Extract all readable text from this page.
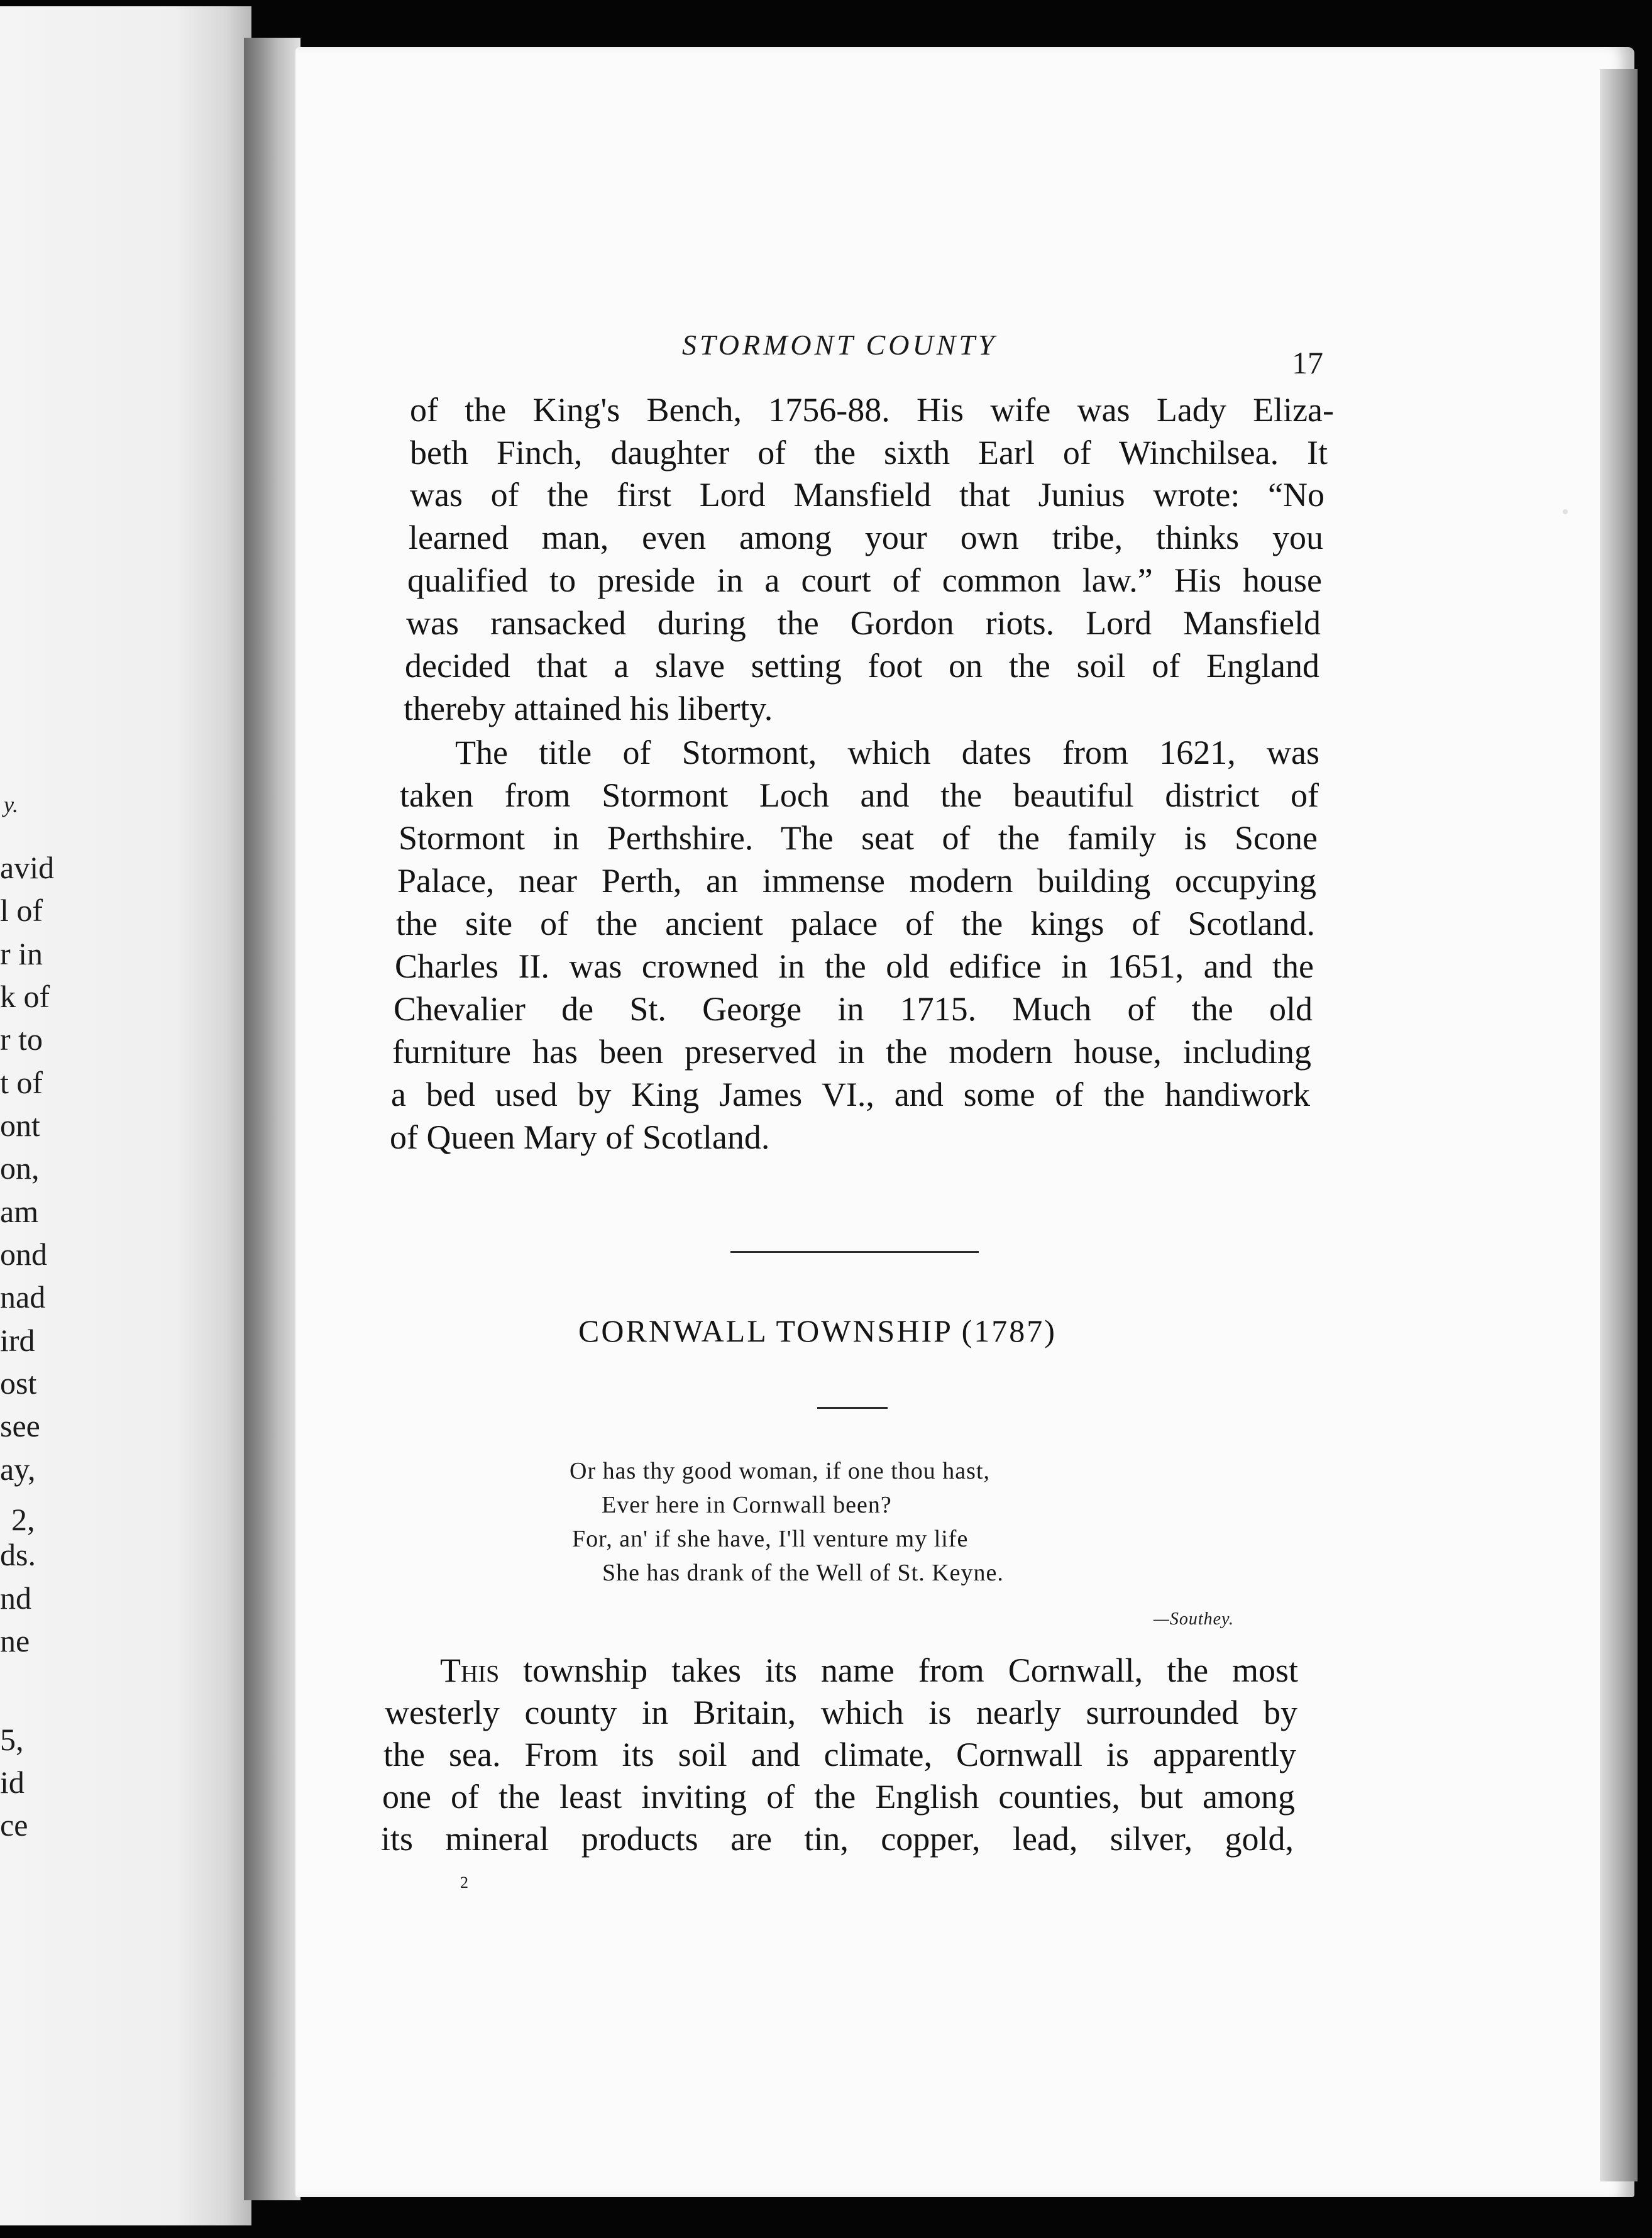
y.
avid
l of
r in
k of
r to
t of
ont
on,
am
ond
nad
ird
ost
see
ay,
2,
ds.
nd
ne
5,
id
ce
STORMONT COUNTY
17
of the King's Bench, 1756-88. His wife was Lady Eliza-
beth Finch, daughter of the sixth Earl of Winchilsea. It
was of the first Lord Mansfield that Junius wrote: “No
learned man, even among your own tribe, thinks you
qualified to preside in a court of common law.” His house
was ransacked during the Gordon riots. Lord Mansfield
decided that a slave setting foot on the soil of England
thereby attained his liberty.
The title of Stormont, which dates from 1621, was
taken from Stormont Loch and the beautiful district of
Stormont in Perthshire. The seat of the family is Scone
Palace, near Perth, an immense modern building occupying
the site of the ancient palace of the kings of Scotland.
Charles II. was crowned in the old edifice in 1651, and the
Chevalier de St. George in 1715. Much of the old
furniture has been preserved in the modern house, including
a bed used by King James VI., and some of the handiwork
of Queen Mary of Scotland.
CORNWALL TOWNSHIP (1787)
Or has thy good woman, if one thou hast,
Ever here in Cornwall been?
For, an' if she have, I'll venture my life
She has drank of the Well of St. Keyne.
—Southey.
This township takes its name from Cornwall, the most
westerly county in Britain, which is nearly surrounded by
the sea. From its soil and climate, Cornwall is apparently
one of the least inviting of the English counties, but among
its mineral products are tin, copper, lead, silver, gold,
2
